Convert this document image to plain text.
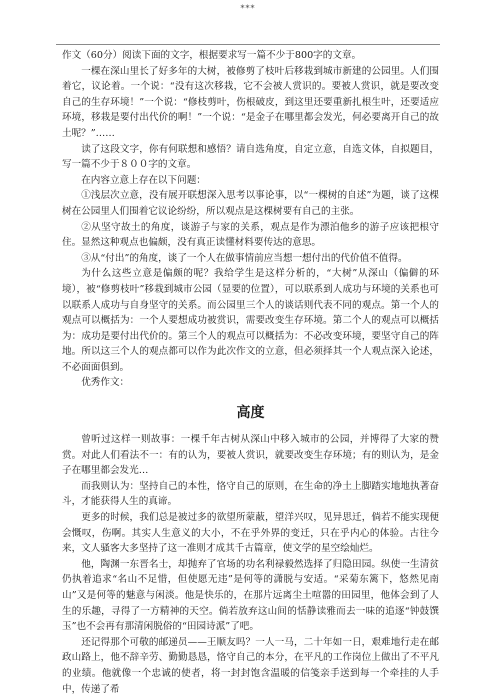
***

作文（60分）阅读下面的文字，根据要求写一篇不少于800字的文章。

一棵在深山里长了好多年的大树，被修剪了枝叶后移栽到城市新建的公园里。人们围着它，议论着。一个说：“没有这次移栽，它不会被人赏识的。要被人赏识，就是要改变自己的生存环境！”一个说：“修枝剪叶，伤根破皮，到这里还要重新扎根生叶，还要适应环境，移栽是要付出代价的啊！”一个说：“是金子在哪里都会发光，何必要离开自己的故土呢？”……

读了这段文字，你有何联想和感悟？请自选角度，自定立意，自选文体，自拟题目，写一篇不少于８００字的文章。

在内容立意上存在以下问题：

①浅层次立意，没有展开联想深入思考以事论事，以“一棵树的自述”为题，谈了这棵树在公园里人们围着它议论纷纷，所以观点是这棵树要有自己的主张。

②从坚守故土的角度，谈游子与家的关系，观点是作为漂泊他乡的游子应该把根守住。显然这种观点也偏颇，没有真正读懂材料要传达的意思。

③从“付出”的角度，谈了一个人在做事情前应当想一想付出的代价值不值得。

为什么这些立意是偏颇的呢？我给学生是这样分析的，“大树”从深山（偏僻的环境），被“修剪枝叶”移栽到城市公园（显要的位置），可以联系到人成功与环境的关系也可以联系人成功与自身坚守的关系。而公园里三个人的谈话则代表不同的观点。第一个人的观点可以概括为：一个人要想成功被赏识，需要改变生存环境。第二个人的观点可以概括为：成功是要付出代价的。第三个人的观点可以概括为：不必改变环境，要坚守自己的阵地。所以这三个人的观点都可以作为此次作文的立意，但必须择其一个人观点深入论述，不必面面俱到。

优秀作文：

高度

曾听过这样一则故事：一棵千年古树从深山中移入城市的公园，并博得了大家的赞赏。对此人们看法不一：有的认为，要被人赏识，就要改变生存环境；有的则认为，是金子在哪里都会发光…

而我则认为：坚持自己的本性，恪守自己的原则，在生命的净土上脚踏实地地执著奋斗，才能获得人生的真谛。

更多的时候，我们总是被过多的欲望所蒙蔽，望洋兴叹，见异思迁，倘若不能实现便会慨叹，伤啊。其实人生意义的大小，不在乎外界的变迁，只在乎内心的体验。古往今来，文人骚客大多坚持了这一准则才成其千古篇章，使文学的星空绘灿烂。

他，陶渊一东晋名士，却抛弃了官场的功名利禄毅然选择了归隐田园。纵使一生清贫仍执着追求“名山不足惜，但使愿无违”是何等的潇脱与安适。“采菊东篱下，悠然见南山”又是何等的魅意与闲淡。他是快乐的，在那片远离尘土喧嚣的田园里，他体会到了人生的乐趣，寻得了一方精神的天空。倘若放弃这山间的恬静读雅而去一味的追逐“钟鼓馔玉”也不会再有那清闲脱俗的“田园诗派”了吧。

还记得那个可敬的邮递员——王顺友吗？一人一马，二十年如一日，艰难地行走在邮政山路上，他不辞辛劳、勤勤恳恳，恪守自己的本分，在平凡的工作岗位上做出了不平凡的业绩。他就像一个忠诚的使者，将一封封饱含温暖的信笺亲手送到每一个牵挂的人手中，传递了希
